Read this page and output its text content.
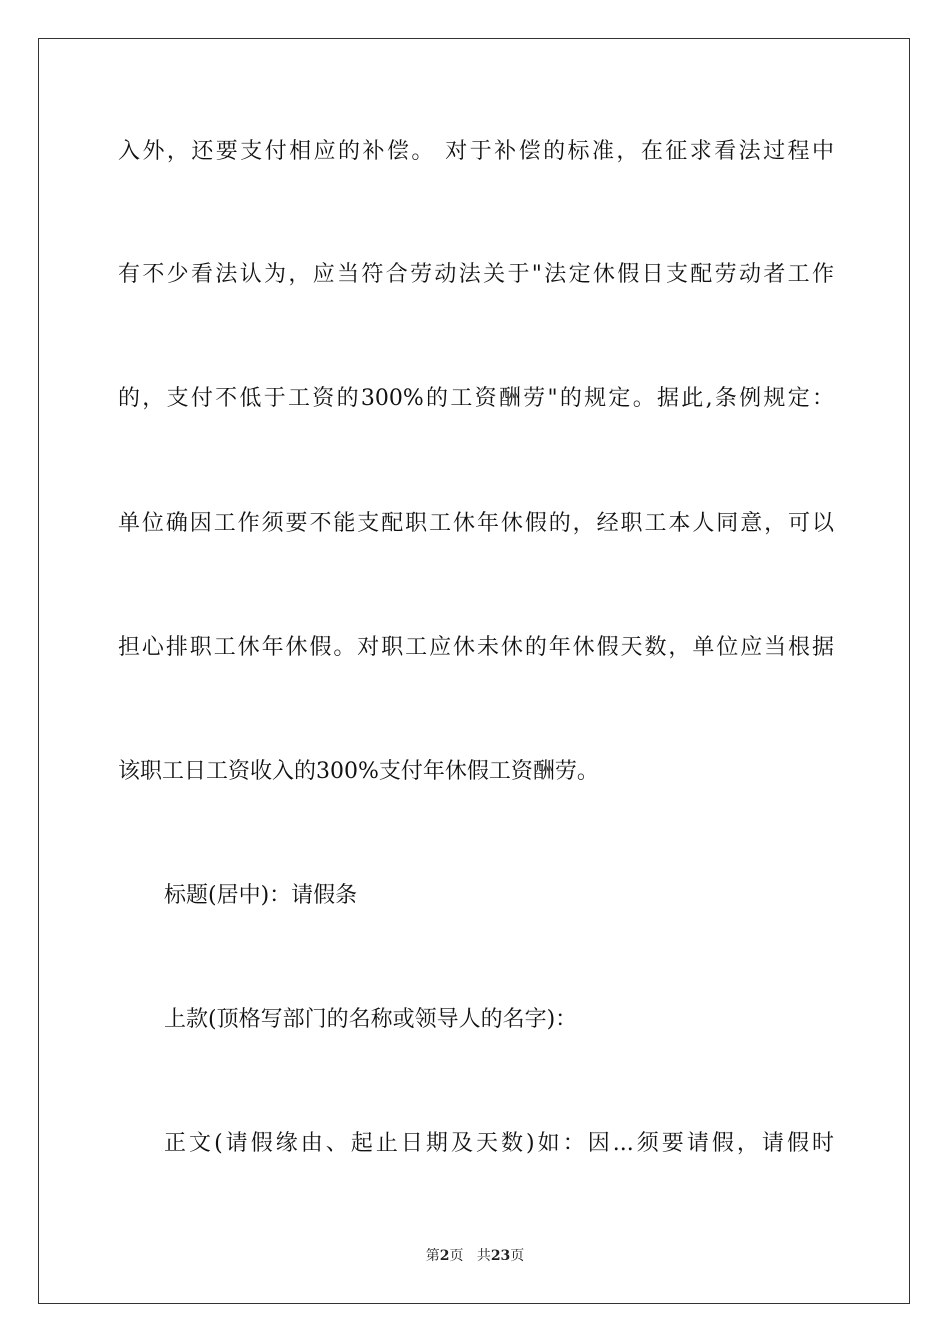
入外，还要支付相应的补偿。 对于补偿的标准，在征求看法过程中
有不少看法认为，应当符合劳动法关于"法定休假日支配劳动者工作
的，支付不低于工资的300%的工资酬劳"的规定。据此,条例规定：
单位确因工作须要不能支配职工休年休假的，经职工本人同意，可以
担心排职工休年休假。对职工应休未休的年休假天数，单位应当根据
该职工日工资收入的300%支付年休假工资酬劳。
标题(居中)：请假条
上款(顶格写部门的名称或领导人的名字)：
正文(请假缘由、起止日期及天数)如：因...须要请假，请假时
第2页 共23页
